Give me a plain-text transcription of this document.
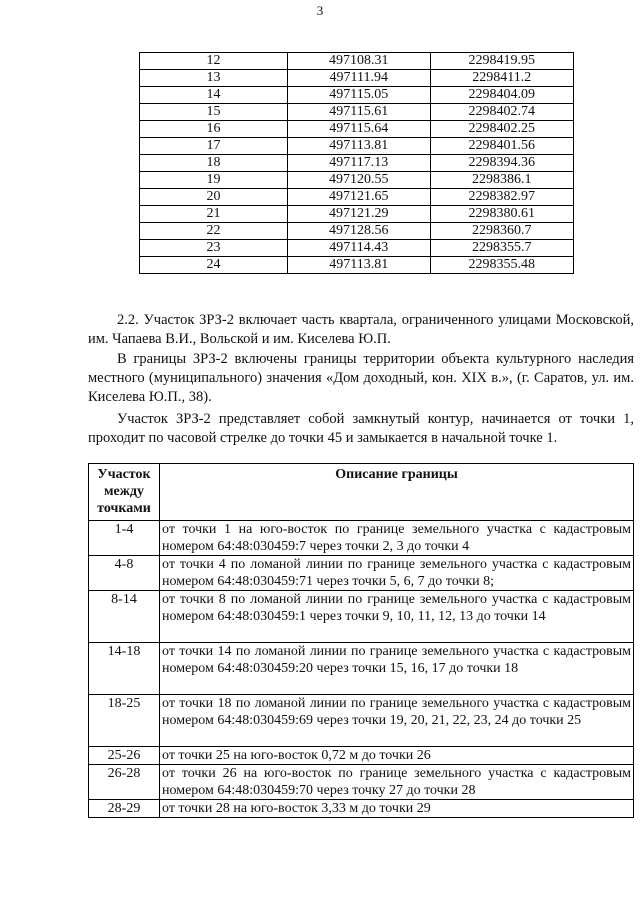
3
12	497108.31	2298419.95
13	497111.94	2298411.2
14	497115.05	2298404.09
15	497115.61	2298402.74
16	497115.64	2298402.25
17	497113.81	2298401.56
18	497117.13	2298394.36
19	497120.55	2298386.1
20	497121.65	2298382.97
21	497121.29	2298380.61
22	497128.56	2298360.7
23	497114.43	2298355.7
24	497113.81	2298355.48

2.2. Участок ЗРЗ-2 включает часть квартала, ограниченного улицами Московской, им. Чапаева В.И., Вольской и им. Киселева Ю.П.

В границы ЗРЗ-2 включены границы территории объекта культурного наследия местного (муниципального) значения «Дом доходный, кон. XIX в.», (г. Саратов, ул. им. Киселева Ю.П., 38).

Участок ЗРЗ-2 представляет собой замкнутый контур, начинается от точки 1, проходит по часовой стрелке до точки 45 и замыкается в начальной точке 1.

Участок
между
точками	Описание границы
1-4	от точки 1 на юго-восток по границе земельного участка с кадастровым номером 64:48:030459:7 через точки 2, 3 до точки 4
4-8	от точки 4 по ломаной линии по границе земельного участка с кадастровым номером 64:48:030459:71 через точки 5, 6, 7 до точки 8;
8-14	от точки 8 по ломаной линии по границе земельного участка с кадастровым номером 64:48:030459:1 через точки 9, 10, 11, 12, 13 до точки 14
14-18	от точки 14 по ломаной линии по границе земельного участка с кадастровым номером 64:48:030459:20 через точки 15, 16, 17 до точки 18
18-25	от точки 18 по ломаной линии по границе земельного участка с кадастровым номером 64:48:030459:69 через точки 19, 20, 21, 22, 23, 24 до точки 25
25-26	от точки 25 на юго-восток 0,72 м до точки 26
26-28	от точки 26 на юго-восток по границе земельного участка с кадастровым номером 64:48:030459:70 через точку 27 до точки 28
28-29	от точки 28 на юго-восток 3,33 м до точки 29
